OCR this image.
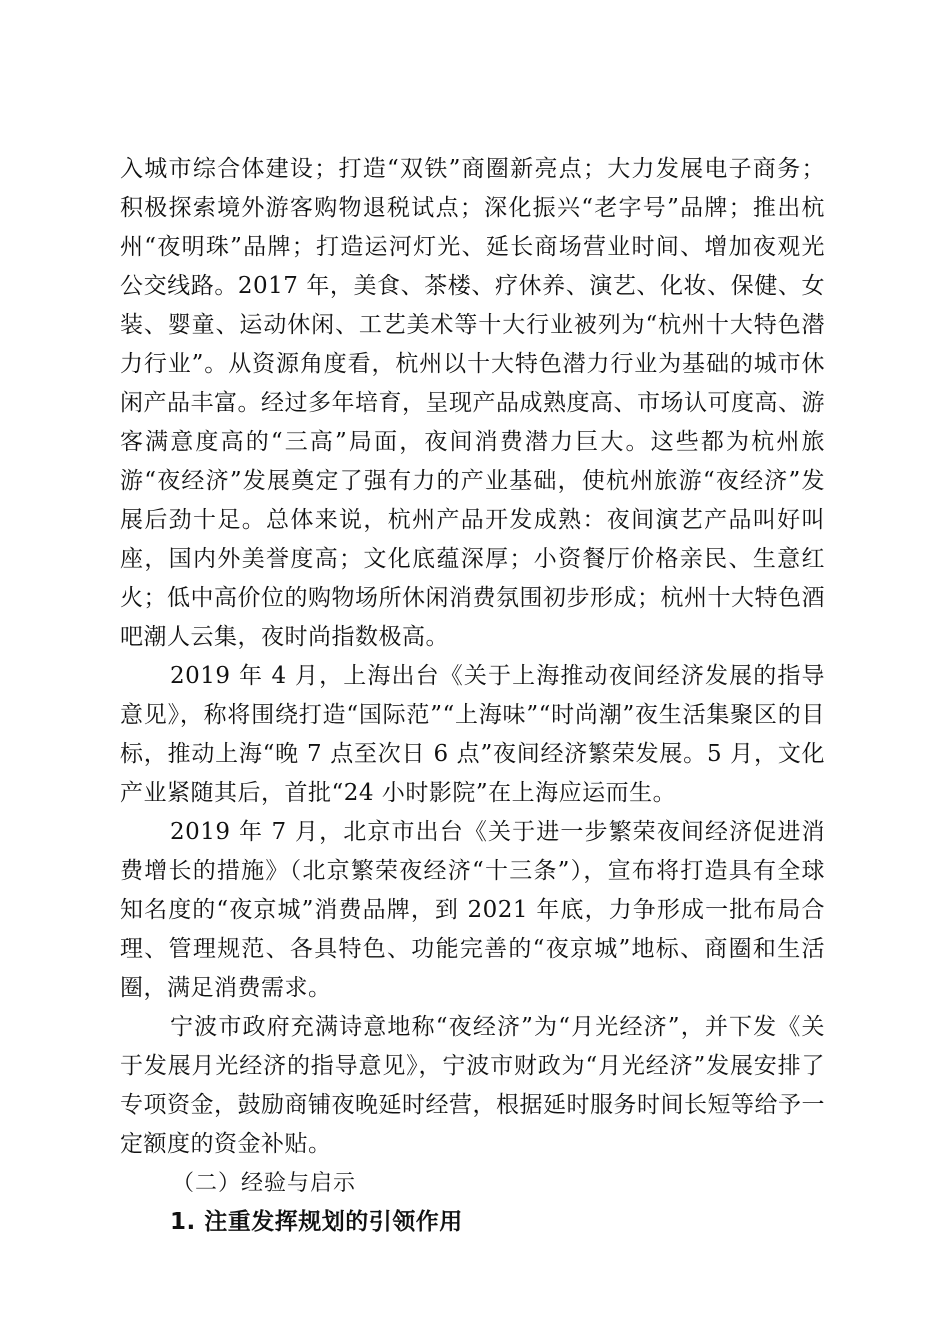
入城市综合体建设；打造“双铁”商圈新亮点；大力发展电子商务；积极探索境外游客购物退税试点；深化振兴“老字号”品牌；推出杭州“夜明珠”品牌；打造运河灯光、延长商场营业时间、增加夜观光公交线路。2017 年，美食、茶楼、疗休养、演艺、化妆、保健、女装、婴童、运动休闲、工艺美术等十大行业被列为“杭州十大特色潜力行业”。从资源角度看，杭州以十大特色潜力行业为基础的城市休闲产品丰富。经过多年培育，呈现产品成熟度高、市场认可度高、游客满意度高的“三高”局面，夜间消费潜力巨大。这些都为杭州旅游“夜经济”发展奠定了强有力的产业基础，使杭州旅游“夜经济”发展后劲十足。总体来说，杭州产品开发成熟：夜间演艺产品叫好叫座，国内外美誉度高；文化底蕴深厚；小资餐厅价格亲民、生意红火；低中高价位的购物场所休闲消费氛围初步形成；杭州十大特色酒吧潮人云集，夜时尚指数极高。

2019 年 4 月，上海出台《关于上海推动夜间经济发展的指导意见》，称将围绕打造“国际范”“上海味”“时尚潮”夜生活集聚区的目标，推动上海“晚 7 点至次日 6 点”夜间经济繁荣发展。5 月，文化产业紧随其后，首批“24 小时影院”在上海应运而生。

2019 年 7 月，北京市出台《关于进一步繁荣夜间经济促进消费增长的措施》（北京繁荣夜经济“十三条”），宣布将打造具有全球知名度的“夜京城”消费品牌，到 2021 年底，力争形成一批布局合理、管理规范、各具特色、功能完善的“夜京城”地标、商圈和生活圈，满足消费需求。

宁波市政府充满诗意地称“夜经济”为“月光经济”，并下发《关于发展月光经济的指导意见》，宁波市财政为“月光经济”发展安排了专项资金，鼓励商铺夜晚延时经营，根据延时服务时间长短等给予一定额度的资金补贴。

（二）经验与启示

1. 注重发挥规划的引领作用
